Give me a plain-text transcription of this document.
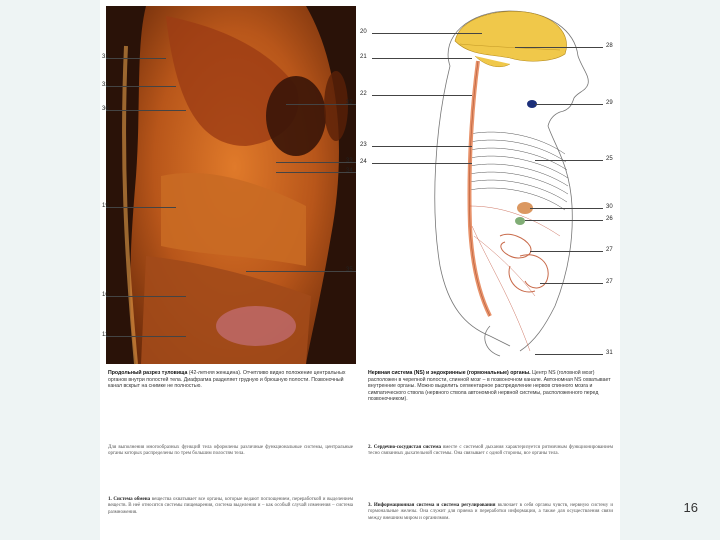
31
32
36
19
10
11
32
33
34
35
20
21
22
23
24
28
29
25
30
26
27
27
31
Продольный разрез туловища (42-летняя женщина). Отчетливо видно положение центральных органов внутри полостей тела. Диафрагма разделяет грудную и брюшную полости. Позвоночный канал вскрыт на снимке не полностью.
Нервная система (NS) и эндокринные (гормональные) органы. Центр NS (головной мозг) расположен в черепной полости, спинной мозг – в позвоночном канале. Автономная NS охватывает внутренние органы. Можно выделить сегментарное распределение нервов спинного мозга и симпатического ствола (нервного ствола автономной нервной системы, расположенного перед позвоночником).

Для выполнения многообразных функций тела оформлены различные функциональные системы, центральные органы которых распределены по трем большим полостям тела.

1. Система обмена вещества охватывает все органы, которые ведают поглощением, переработкой и выделением веществ. В неё относятся системы пищеварения, система выделения и – как особый случай изменения – система размножения.
2. Сердечно-сосудистая система вместе с системой дыхания характеризуется ритмичным функционированием тесно связанных дыхательной системы. Она связывает с одной стороны, все органы тела.
3. Информационная система и система регулирования включает в себя органы чувств, нервную систему и гормональные железы. Она служит для приема и переработки информации, а также для осуществления связи между внешним миром и организмом.
16
